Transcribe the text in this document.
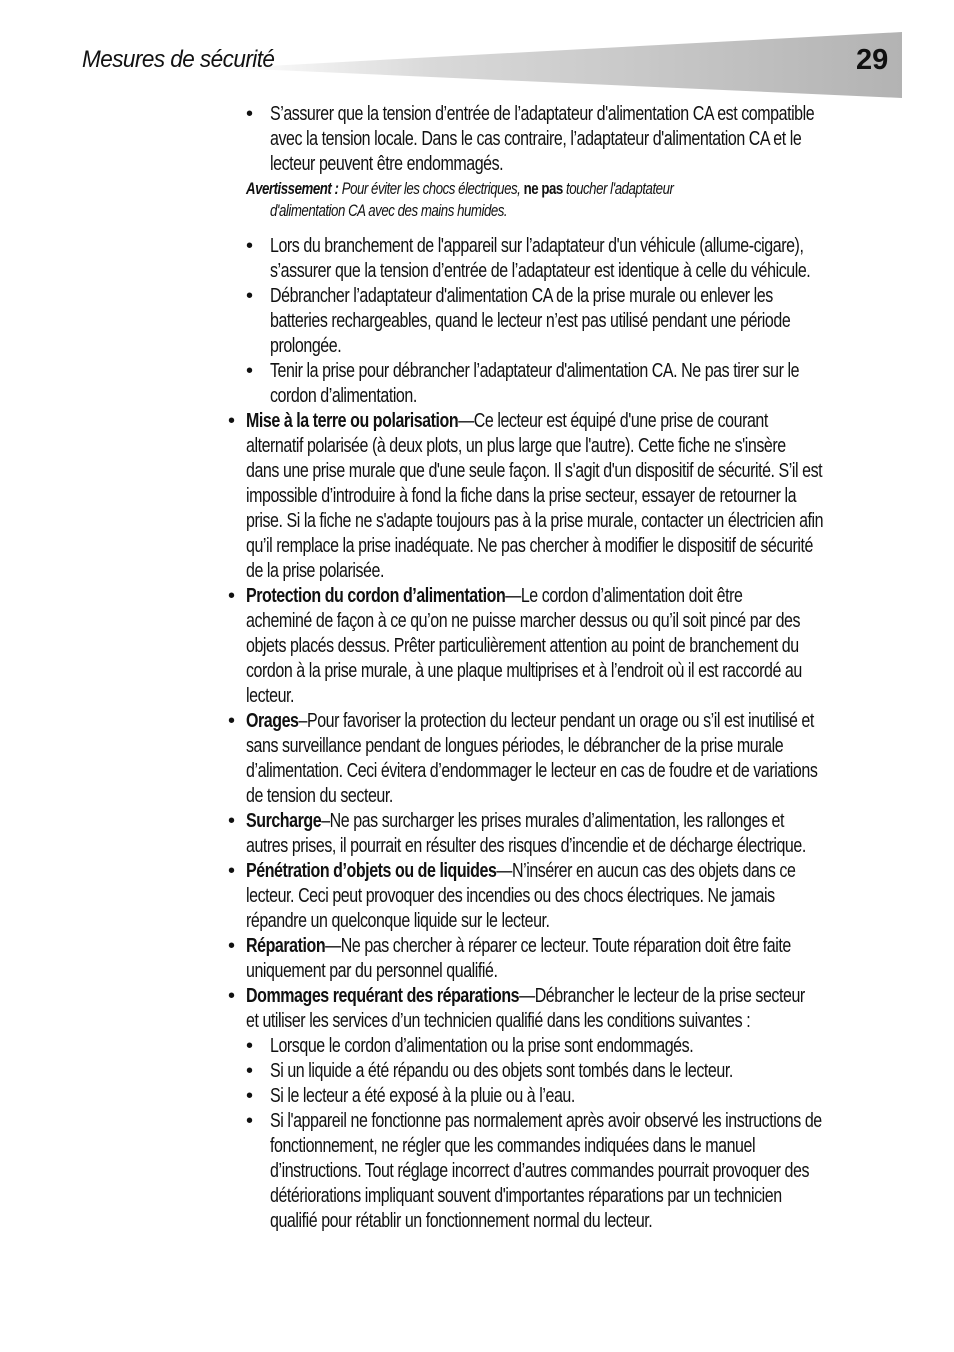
Mesures de sécurité	29
• S’assurer que la tension d’entrée de l’adaptateur d'alimentation CA est compatible
avec la tension locale. Dans le cas contraire, l’adaptateur d'alimentation CA et le
lecteur peuvent être endommagés.
Avertissement : Pour éviter les chocs électriques, ne pas toucher l'adaptateur
d'alimentation CA avec des mains humides.
• Lors du branchement de l'appareil sur l’adaptateur d'un véhicule (allume-cigare),
s’assurer que la tension d’entrée de l’adaptateur est identique à celle du véhicule.
• Débrancher l’adaptateur d'alimentation CA de la prise murale ou enlever les
batteries rechargeables, quand le lecteur n’est pas utilisé pendant une période
prolongée.
• Tenir la prise pour débrancher l’adaptateur d'alimentation CA. Ne pas tirer sur le
cordon d’alimentation.
• Mise à la terre ou polarisation—Ce lecteur est équipé d'une prise de courant
alternatif polarisée (à deux plots, un plus large que l'autre). Cette fiche ne s'insère
dans une prise murale que d'une seule façon. Il s'agit d'un dispositif de sécurité. S’il est
impossible d’introduire à fond la fiche dans la prise secteur, essayer de retourner la
prise. Si la fiche ne s'adapte toujours pas à la prise murale, contacter un électricien afin
qu’il remplace la prise inadéquate. Ne pas chercher à modifier le dispositif de sécurité
de la prise polarisée.
• Protection du cordon d’alimentation—Le cordon d’alimentation doit être
acheminé de façon à ce qu’on ne puisse marcher dessus ou qu’il soit pincé par des
objets placés dessus. Prêter particulièrement attention au point de branchement du
cordon à la prise murale, à une plaque multiprises et à l’endroit où il est raccordé au
lecteur.
• Orages–Pour favoriser la protection du lecteur pendant un orage ou s’il est inutilisé et
sans surveillance pendant de longues périodes, le débrancher de la prise murale
d’alimentation. Ceci évitera d’endommager le lecteur en cas de foudre et de variations
de tension du secteur.
• Surcharge–Ne pas surcharger les prises murales d’alimentation, les rallonges et
autres prises, il pourrait en résulter des risques d’incendie et de décharge électrique.
• Pénétration d’objets ou de liquides—N’insérer en aucun cas des objets dans ce
lecteur. Ceci peut provoquer des incendies ou des chocs électriques. Ne jamais
répandre un quelconque liquide sur le lecteur.
• Réparation—Ne pas chercher à réparer ce lecteur. Toute réparation doit être faite
uniquement par du personnel qualifié.
• Dommages requérant des réparations—Débrancher le lecteur de la prise secteur
et utiliser les services d’un technicien qualifié dans les conditions suivantes :
• Lorsque le cordon d’alimentation ou la prise sont endommagés.
• Si un liquide a été répandu ou des objets sont tombés dans le lecteur.
• Si le lecteur a été exposé à la pluie ou à l’eau.
• Si l'appareil ne fonctionne pas normalement après avoir observé les instructions de
fonctionnement, ne régler que les commandes indiquées dans le manuel
d’instructions. Tout réglage incorrect d’autres commandes pourrait provoquer des
détériorations impliquant souvent d'importantes réparations par un technicien
qualifié pour rétablir un fonctionnement normal du lecteur.
